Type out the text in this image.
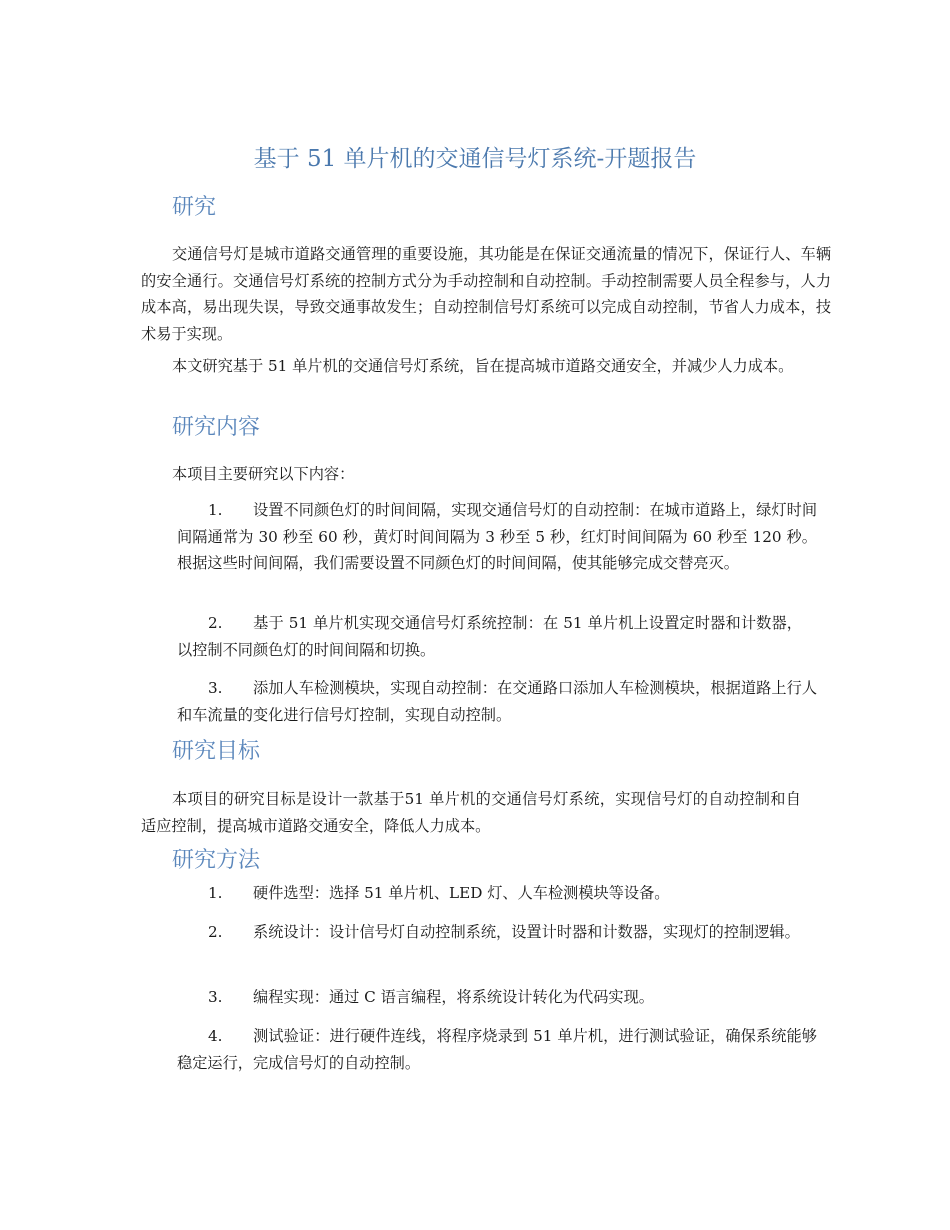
基于 51 单片机的交通信号灯系统-开题报告
研究
交通信号灯是城市道路交通管理的重要设施，其功能是在保证交通流量的情况下，保证行人、车辆的安全通行。交通信号灯系统的控制方式分为手动控制和自动控制。手动控制需要人员全程参与，人力成本高，易出现失误，导致交通事故发生；自动控制信号灯系统可以完成自动控制，节省人力成本，技术易于实现。
本文研究基于 51 单片机的交通信号灯系统，旨在提高城市道路交通安全，并减少人力成本。
研究内容
本项目主要研究以下内容：
1. 设置不同颜色灯的时间间隔，实现交通信号灯的自动控制：在城市道路上，绿灯时间间隔通常为 30 秒至 60 秒，黄灯时间间隔为 3 秒至 5 秒，红灯时间间隔为 60 秒至 120 秒。根据这些时间间隔，我们需要设置不同颜色灯的时间间隔，使其能够完成交替亮灭。
2. 基于 51 单片机实现交通信号灯系统控制：在 51 单片机上设置定时器和计数器，以控制不同颜色灯的时间间隔和切换。
3. 添加人车检测模块，实现自动控制：在交通路口添加人车检测模块，根据道路上行人和车流量的变化进行信号灯控制，实现自动控制。
研究目标
本项目的研究目标是设计一款基于51 单片机的交通信号灯系统，实现信号灯的自动控制和自适应控制，提高城市道路交通安全，降低人力成本。
研究方法
1. 硬件选型：选择 51 单片机、LED 灯、人车检测模块等设备。
2. 系统设计：设计信号灯自动控制系统，设置计时器和计数器，实现灯的控制逻辑。
3. 编程实现：通过 C 语言编程，将系统设计转化为代码实现。
4. 测试验证：进行硬件连线，将程序烧录到 51 单片机，进行测试验证，确保系统能够稳定运行，完成信号灯的自动控制。
